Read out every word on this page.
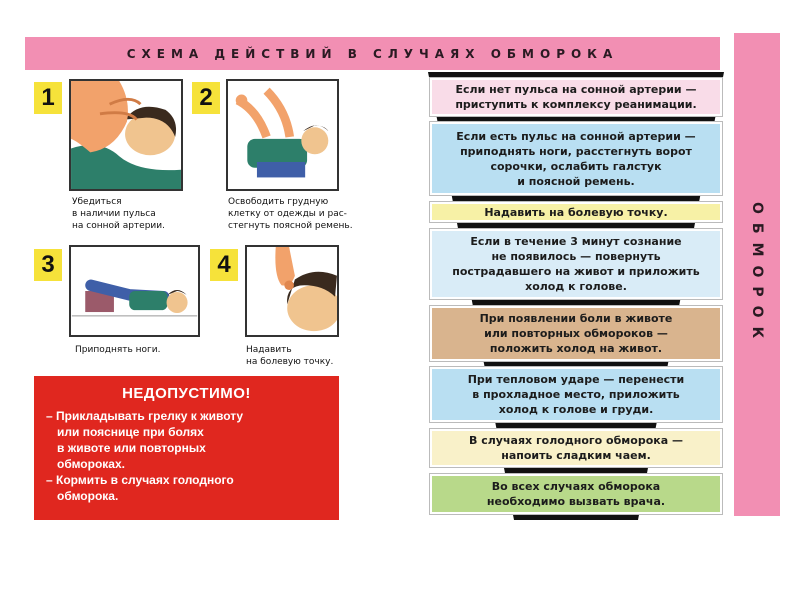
СХЕМА ДЕЙСТВИЙ В СЛУЧАЯХ ОБМОРОКА
ОБМОРОК
1
Убедиться
в наличии пульса
на сонной артерии.
2
Освободить грудную
клетку от одежды и рас-
стегнуть поясной ремень.
3
Приподнять ноги.
4
Надавить
на болевую точку.
НЕДОПУСТИМО!
– Прикладывать грелку к животу
или пояснице при болях
в животе или повторных
обмороках.
– Кормить в случаях голодного
обморока.
Если нет пульса на сонной артерии —
приступить к комплексу реанимации.
Если есть пульс на сонной артерии —
приподнять ноги, расстегнуть ворот
сорочки, ослабить галстук
и поясной ремень.
Надавить на болевую точку.
Если в течение 3 минут сознание
не появилось — повернуть
пострадавшего на живот и приложить
холод к голове.
При появлении боли в животе
или повторных обмороков —
положить холод на живот.
При тепловом ударе — перенести
в прохладное место, приложить
холод к голове и груди.
В случаях голодного обморока —
напоить сладким чаем.
Во всех случаях обморока
необходимо вызвать врача.
